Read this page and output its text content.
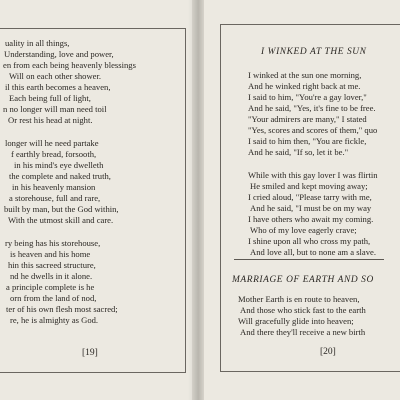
uality in all things,
Understanding, love and power,
en from each being heavenly blessings
Will on each other shower.
il this earth becomes a heaven,
Each being full of light,
n no longer will man need toil
Or rest his head at night.
longer will he need partake
f earthly bread, forsooth,
in his mind's eye dwelleth
the complete and naked truth,
in his heavenly mansion
a storehouse, full and rare,
built by man, but the God within,
With the utmost skill and care.
ry being has his storehouse,
is heaven and his home
hin this sacreed structure,
nd he dwells in it alone.
a principle complete is he
orn from the land of nod,
ter of his own flesh most sacred;
re, he is almighty as God.
[19]
I WINKED AT THE SUN
I winked at the sun one morning,
And he winked right back at me.
I said to him, "You're a gay lover,"
And he said, "Yes, it's fine to be free.
"Your admirers are many," I stated
"Yes, scores and scores of them," quo
I said to him then, "You are fickle,
And he said, "If so, let it be."
While with this gay lover I was flirtin
He smiled and kept moving away;
I cried aloud, "Please tarry with me,
And he said, "I must be on my way
I have others who await my coming.
Who of my love eagerly crave;
I shine upon all who cross my path,
And love all, but to none am a slave.
MARRIAGE OF EARTH AND SO
Mother Earth is en route to heaven,
And those who stick fast to the earth
Will gracefully glide into heaven;
And there they'll receive a new birth
[20]
